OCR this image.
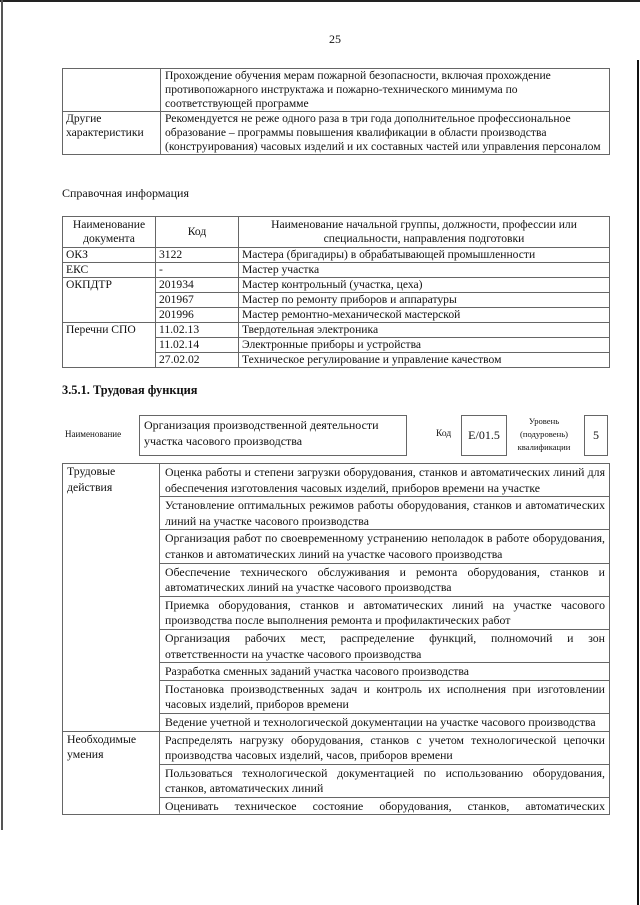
25
	Прохождение обучения мерам пожарной безопасности, включая прохождение противопожарного инструктажа и пожарно-технического минимума по соответствующей программе
Другие характеристики	Рекомендуется не реже одного раза в три года дополнительное профессиональное образование – программы повышения квалификации в области производства (конструирования) часовых изделий и их составных частей или управления персоналом
Справочная информация
Наименование документа	Код	Наименование начальной группы, должности, профессии или специальности, направления подготовки
ОКЗ	3122	Мастера (бригадиры) в обрабатывающей промышленности
ЕКС	-	Мастер участка
ОКПДТР	201934	Мастер контрольный (участка, цеха)
	201967	Мастер по ремонту приборов и аппаратуры
	201996	Мастер ремонтно-механической мастерской
Перечни СПО	11.02.13	Твердотельная электроника
	11.02.14	Электронные приборы и устройства
	27.02.02	Техническое регулирование и управление качеством
3.5.1. Трудовая функция
Наименование
Организация производственной деятельности участка часового производства	Код	E/01.5
Уровень
(подуровень)
квалификации
5
Трудовые действия	Оценка работы и степени загрузки оборудования, станков и автоматических линий для обеспечения изготовления часовых изделий, приборов времени на участке
	Установление оптимальных режимов работы оборудования, станков и автоматических линий на участке часового производства
	Организация работ по своевременному устранению неполадок в работе оборудования, станков и автоматических линий на участке часового производства
	Обеспечение технического обслуживания и ремонта оборудования, станков и автоматических линий на участке часового производства
	Приемка оборудования, станков и автоматических линий на участке часового производства после выполнения ремонта и профилактических работ
	Организация рабочих мест, распределение функций, полномочий и зон ответственности на участке часового производства
	Разработка сменных заданий участка часового производства
	Постановка производственных задач и контроль их исполнения при изготовлении часовых изделий, приборов времени
	Ведение учетной и технологической документации на участке часового производства
Необходимые умения	Распределять нагрузку оборудования, станков с учетом технологической цепочки производства часовых изделий, часов, приборов времени
	Пользоваться технологической документацией по использованию оборудования, станков, автоматических линий
	Оценивать техническое состояние оборудования, станков, автоматических
